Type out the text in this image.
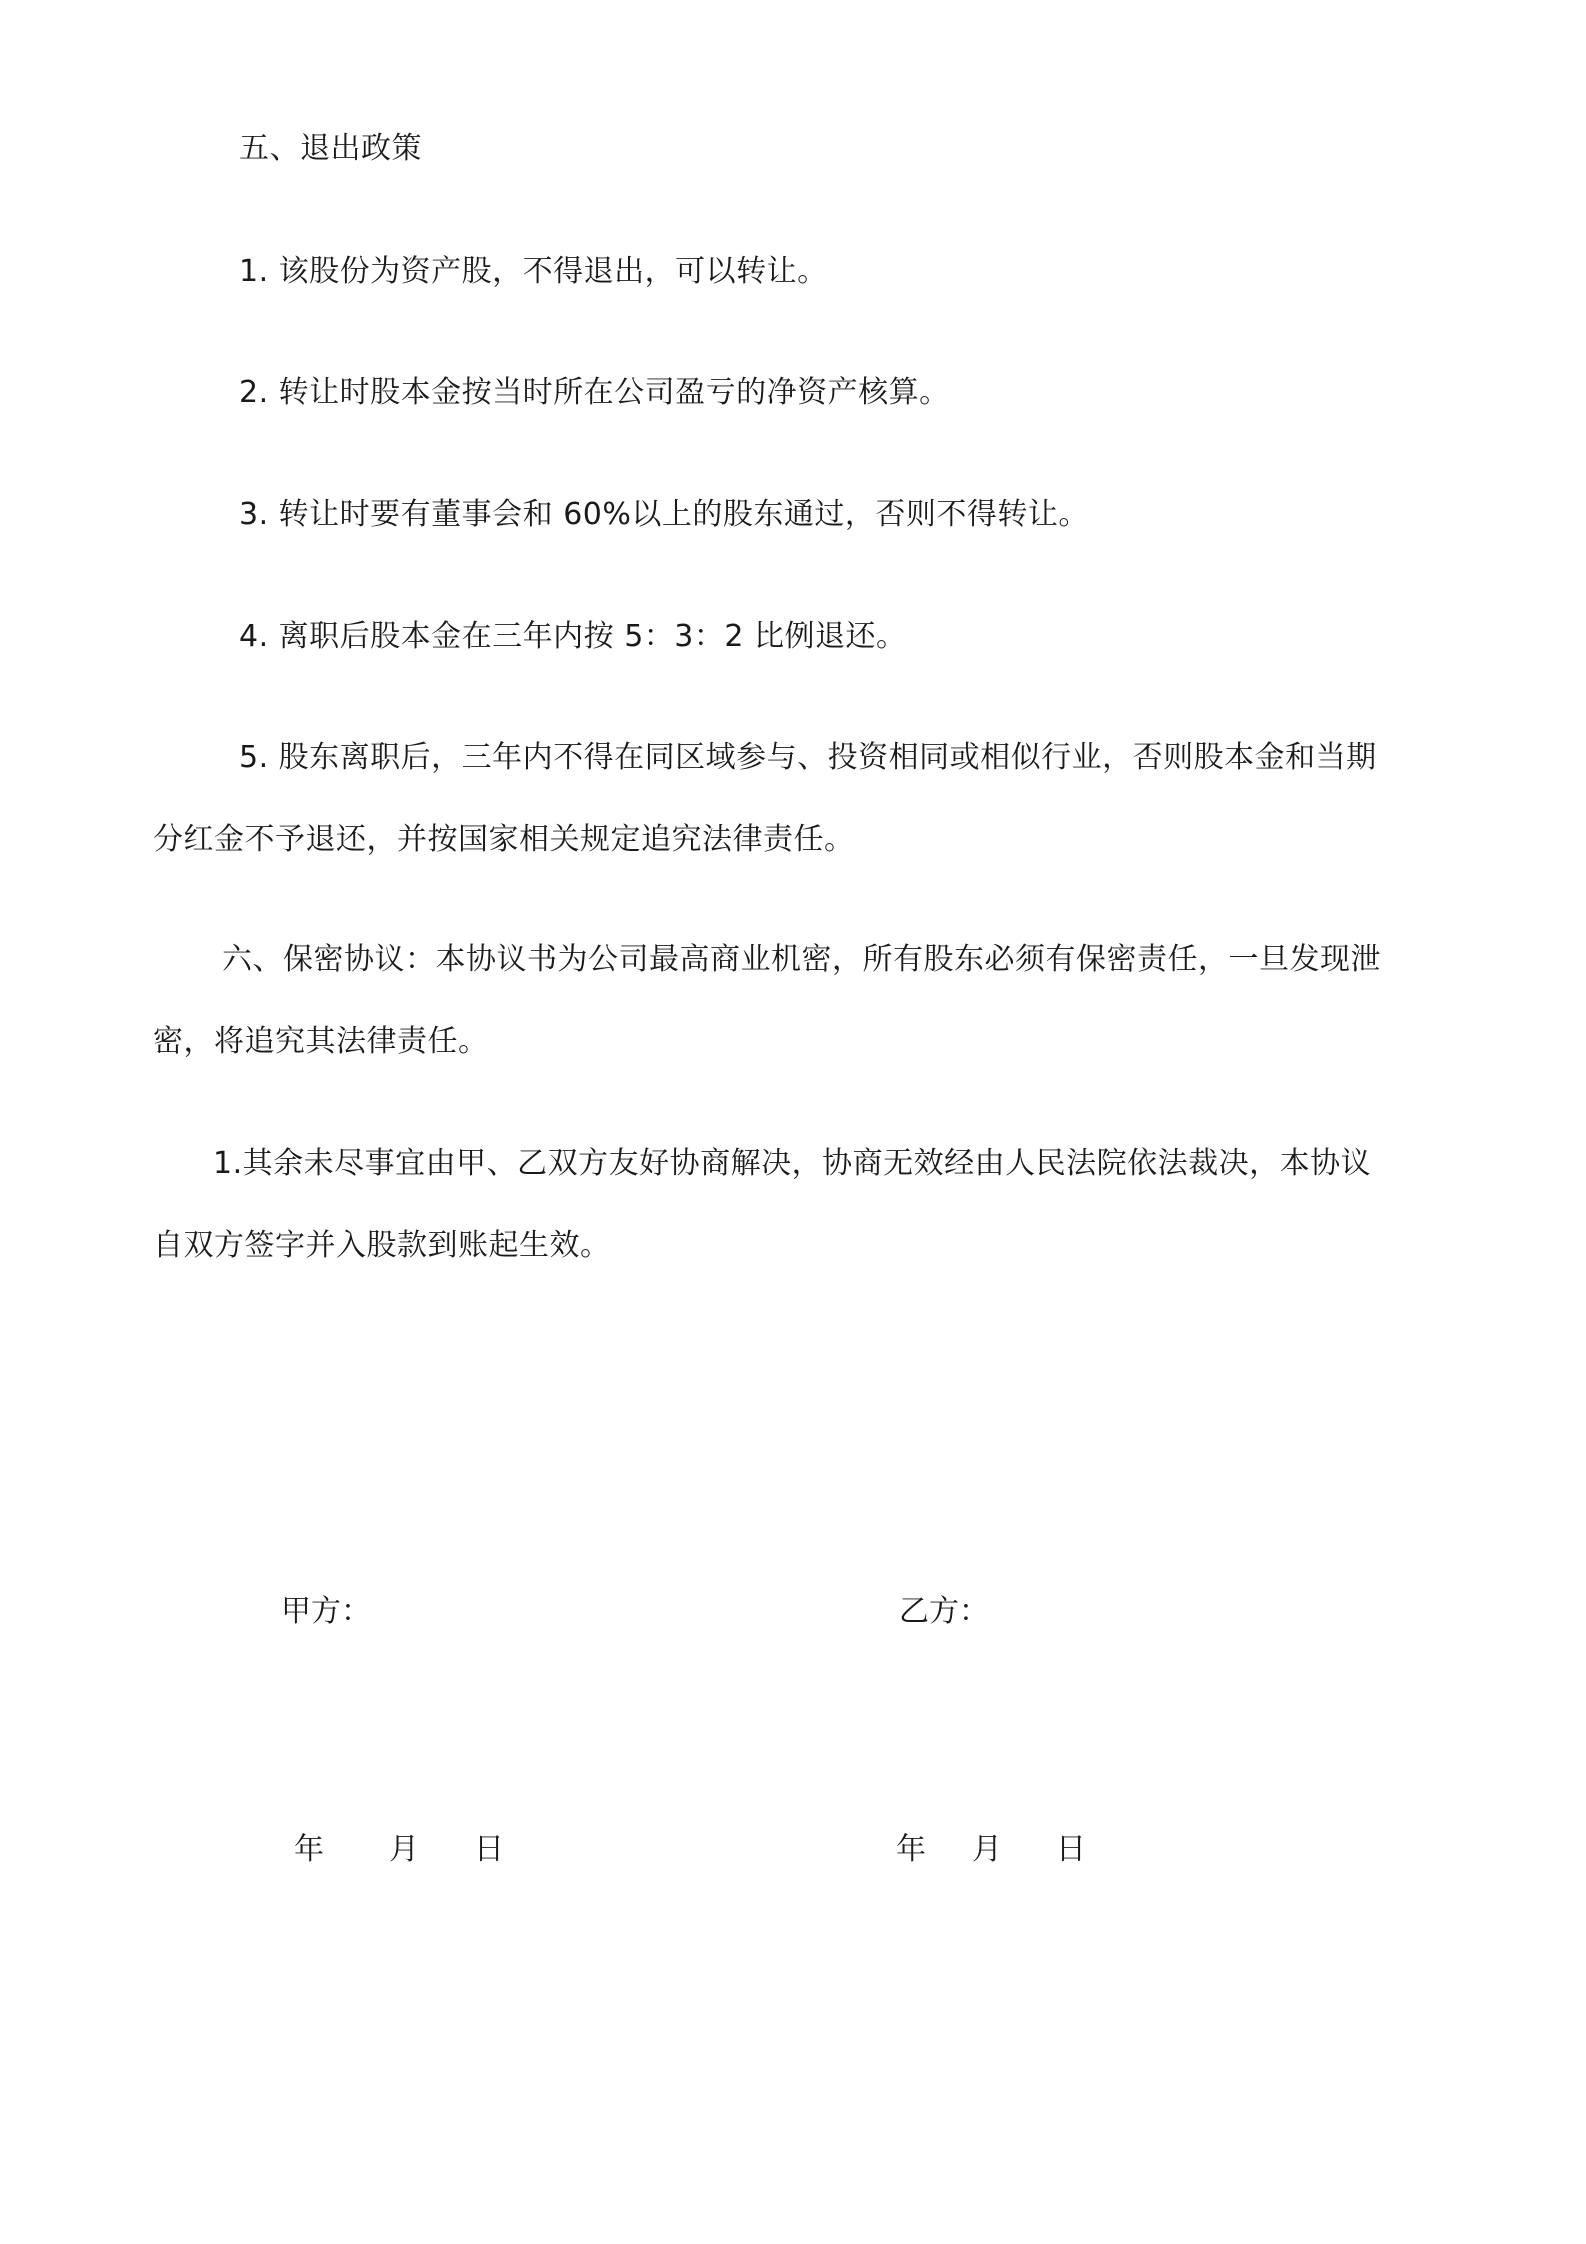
五、退出政策
1. 该股份为资产股，不得退出，可以转让。
2. 转让时股本金按当时所在公司盈亏的净资产核算。
3. 转让时要有董事会和 60%以上的股东通过，否则不得转让。
4. 离职后股本金在三年内按 5：3：2 比例退还。
5. 股东离职后，三年内不得在同区域参与、投资相同或相似行业，否则股本金和当期
分红金不予退还，并按国家相关规定追究法律责任。
六、保密协议：本协议书为公司最高商业机密，所有股东必须有保密责任，一旦发现泄
密，将追究其法律责任。
1.其余未尽事宜由甲、乙双方友好协商解决，协商无效经由人民法院依法裁决，本协议
自双方签字并入股款到账起生效。
甲方：	乙方：
年 月 日	年 月 日
